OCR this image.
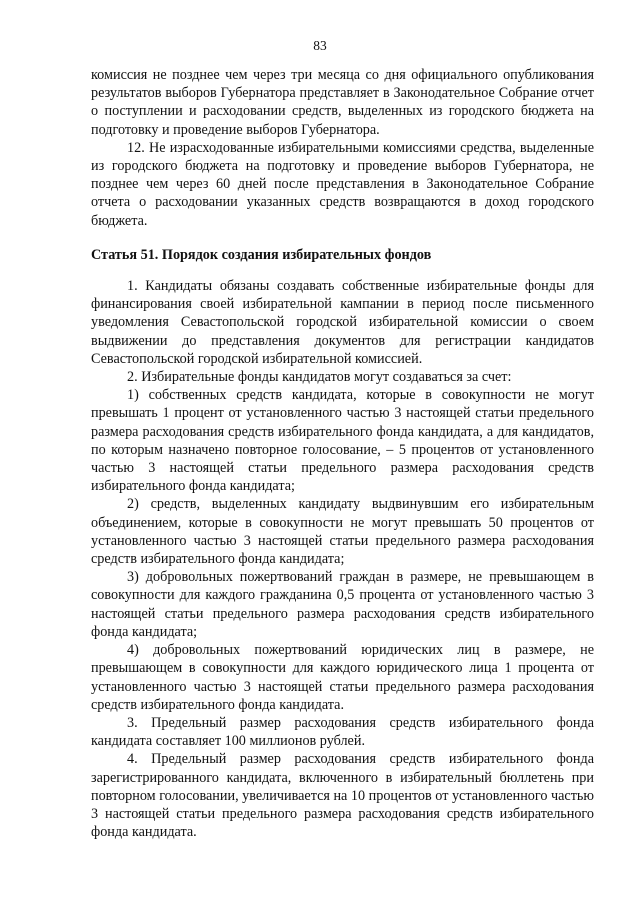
83

комиссия не позднее чем через три месяца со дня официального опубликования результатов выборов Губернатора представляет в Законодательное Собрание отчет о поступлении и расходовании средств, выделенных из городского бюджета на подготовку и проведение выборов Губернатора.

12. Не израсходованные избирательными комиссиями средства, выделенные из городского бюджета на подготовку и проведение выборов Губернатора, не позднее чем через 60 дней после представления в Законодательное Собрание отчета о расходовании указанных средств возвращаются в доход городского бюджета.

Статья 51. Порядок создания избирательных фондов

1. Кандидаты обязаны создавать собственные избирательные фонды для финансирования своей избирательной кампании в период после письменного уведомления Севастопольской городской избирательной комиссии о своем выдвижении до представления документов для регистрации кандидатов Севастопольской городской избирательной комиссией.

2. Избирательные фонды кандидатов могут создаваться за счет:

1) собственных средств кандидата, которые в совокупности не могут превышать 1 процент от установленного частью 3 настоящей статьи предельного размера расходования средств избирательного фонда кандидата, а для кандидатов, по которым назначено повторное голосование, – 5 процентов от установленного частью 3 настоящей статьи предельного размера расходования средств избирательного фонда кандидата;

2) средств, выделенных кандидату выдвинувшим его избирательным объединением, которые в совокупности не могут превышать 50 процентов от установленного частью 3 настоящей статьи предельного размера расходования средств избирательного фонда кандидата;

3) добровольных пожертвований граждан в размере, не превышающем в совокупности для каждого гражданина 0,5 процента от установленного частью 3 настоящей статьи предельного размера расходования средств избирательного фонда кандидата;

4) добровольных пожертвований юридических лиц в размере, не превышающем в совокупности для каждого юридического лица 1 процента от установленного частью 3 настоящей статьи предельного размера расходования средств избирательного фонда кандидата.

3. Предельный размер расходования средств избирательного фонда кандидата составляет 100 миллионов рублей.

4. Предельный размер расходования средств избирательного фонда зарегистрированного кандидата, включенного в избирательный бюллетень при повторном голосовании, увеличивается на 10 процентов от установленного частью 3 настоящей статьи предельного размера расходования средств избирательного фонда кандидата.
